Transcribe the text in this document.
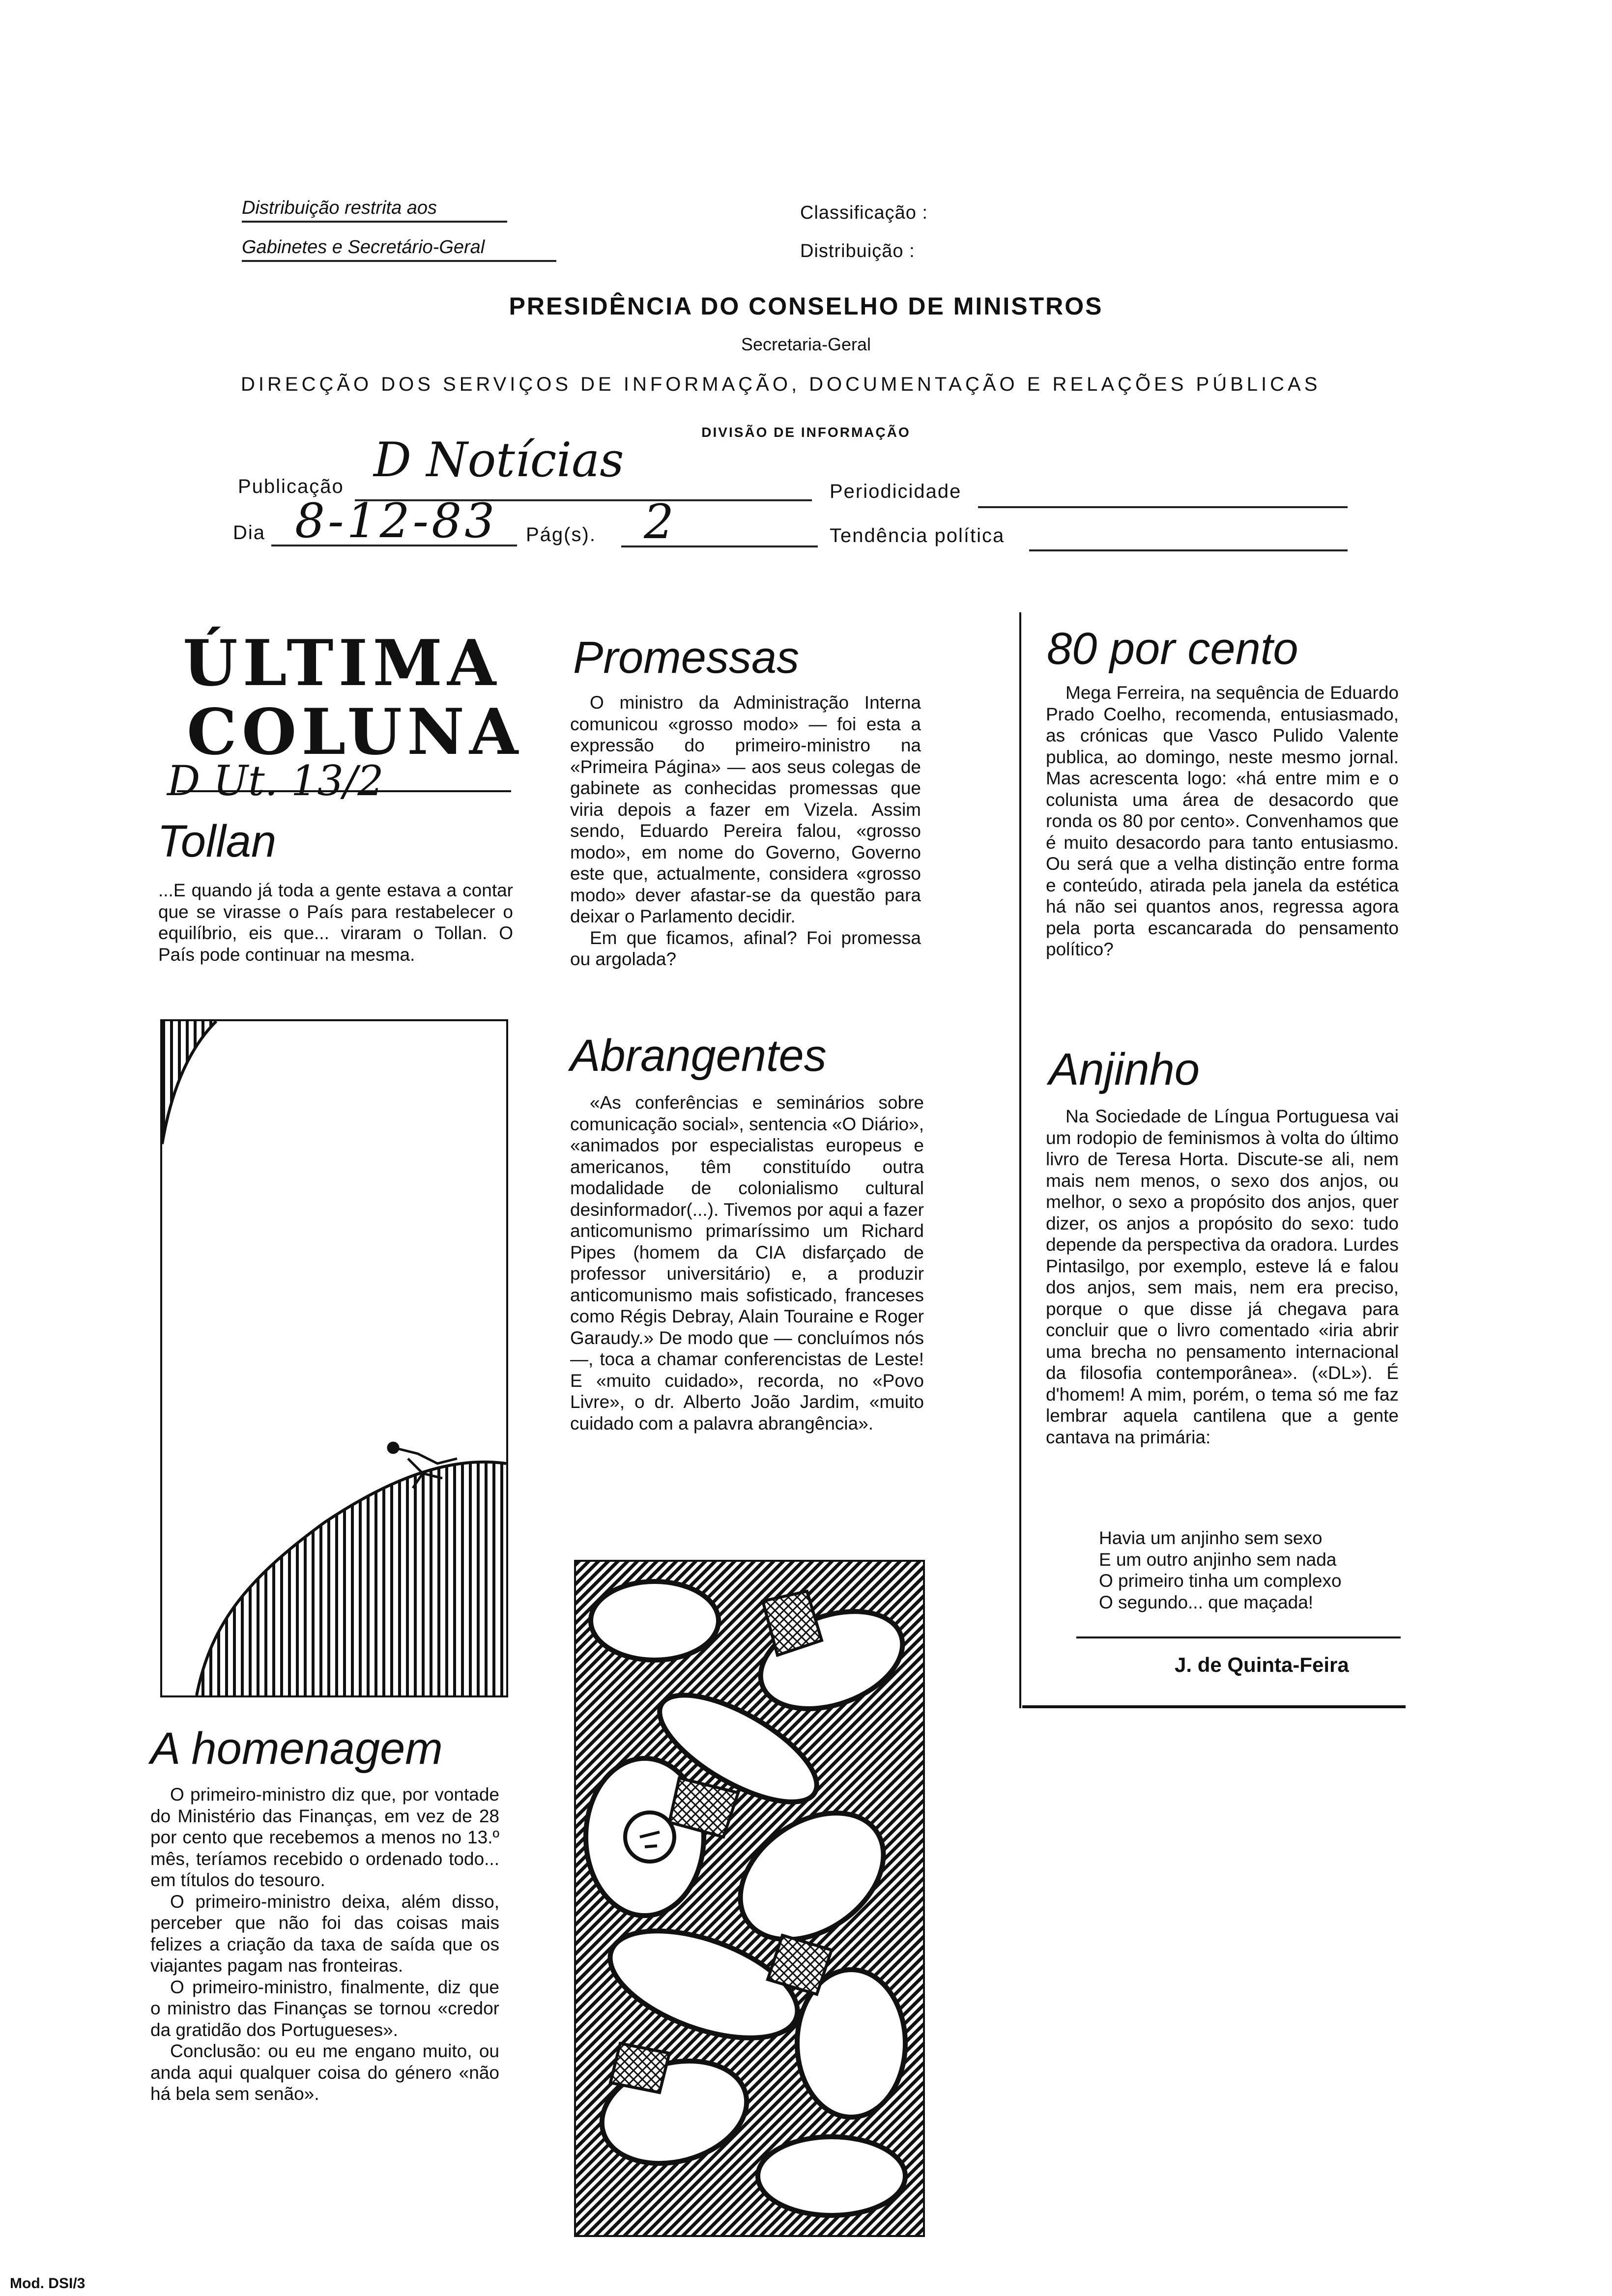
Distribuição restrita aos
Gabinetes e Secretário-Geral
Classificação :
Distribuição :
PRESIDÊNCIA DO CONSELHO DE MINISTROS
Secretaria-Geral
DIRECÇÃO DOS SERVIÇOS DE INFORMAÇÃO, DOCUMENTAÇÃO E RELAÇÕES PÚBLICAS
DIVISÃO DE INFORMAÇÃO
Publicação D Notícias
Periodicidade
Dia 8-12-83 Pág(s). 2	Tendência política
ÚLTIMA
COLUNA
D Ut. 13/2
Tollan
...E quando já toda a gente estava a contar que se virasse o País para restabelecer o equilíbrio, eis que... viraram o Tollan. O País pode continuar na mesma.
A homenagem

O primeiro-ministro diz que, por vontade do Ministério das Finanças, em vez de 28 por cento que recebemos a menos no 13.º mês, teríamos recebido o ordenado todo... em títulos do tesouro.

O primeiro-ministro deixa, além disso, perceber que não foi das coisas mais felizes a criação da taxa de saída que os viajantes pagam nas fronteiras.

O primeiro-ministro, finalmente, diz que o ministro das Finanças se tornou «credor da gratidão dos Portugueses».

Conclusão: ou eu me engano muito, ou anda aqui qualquer coisa do género «não há bela sem senão».

Promessas

O ministro da Administração Interna comunicou «grosso modo» — foi esta a expressão do primeiro-ministro na «Primeira Página» — aos seus colegas de gabinete as conhecidas promessas que viria depois a fazer em Vizela. Assim sendo, Eduardo Pereira falou, «grosso modo», em nome do Governo, Governo este que, actualmente, considera «grosso modo» dever afastar-se da questão para deixar o Parlamento decidir.

Em que ficamos, afinal? Foi promessa ou argolada?

Abrangentes

«As conferências e seminários sobre comunicação social», sentencia «O Diário», «animados por especialistas europeus e americanos, têm constituído outra modalidade de colonialismo cultural desinformador(...). Tivemos por aqui a fazer anticomunismo primaríssimo um Richard Pipes (homem da CIA disfarçado de professor universitário) e, a produzir anticomunismo mais sofisticado, franceses como Régis Debray, Alain Touraine e Roger Garaudy.» De modo que — concluímos nós —, toca a chamar conferencistas de Leste! E «muito cuidado», recorda, no «Povo Livre», o dr. Alberto João Jardim, «muito cuidado com a palavra abrangência».

80 por cento

Mega Ferreira, na sequência de Eduardo Prado Coelho, recomenda, entusiasmado, as crónicas que Vasco Pulido Valente publica, ao domingo, neste mesmo jornal. Mas acrescenta logo: «há entre mim e o colunista uma área de desacordo que ronda os 80 por cento». Convenhamos que é muito desacordo para tanto entusiasmo. Ou será que a velha distinção entre forma e conteúdo, atirada pela janela da estética há não sei quantos anos, regressa agora pela porta escancarada do pensamento político?

Anjinho

Na Sociedade de Língua Portuguesa vai um rodopio de feminismos à volta do último livro de Teresa Horta. Discute-se ali, nem mais nem menos, o sexo dos anjos, ou melhor, o sexo a propósito dos anjos, quer dizer, os anjos a propósito do sexo: tudo depende da perspectiva da oradora. Lurdes Pintasilgo, por exemplo, esteve lá e falou dos anjos, sem mais, nem era preciso, porque o que disse já chegava para concluir que o livro comentado «iria abrir uma brecha no pensamento internacional da filosofia contemporânea». («DL»). É d'homem! A mim, porém, o tema só me faz lembrar aquela cantilena que a gente cantava na primária:

Havia um anjinho sem sexo
E um outro anjinho sem nada
O primeiro tinha um complexo
O segundo... que maçada!
J. de Quinta-Feira
Mod. DSI/3
